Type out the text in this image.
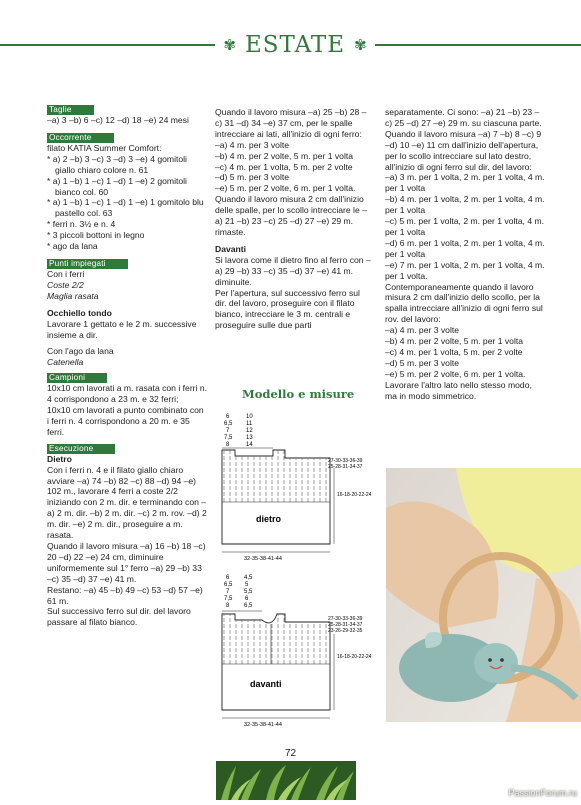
✾ ESTATE ✾
Taglie

–a) 3 –b) 6 –c) 12 –d) 18 –e) 24 mesi

Occorrente

filato KATIA Summer Comfort:

* a) 2 –b) 3 –c) 3 –d) 3 –e) 4 gomitoli giallo chiaro colore n. 61

* a) 1 –b) 1 –c) 1 –d) 1 –e) 2 gomitoli bianco col. 60

* a) 1 –b) 1 –c) 1 –d) 1 –e) 1 gomitolo blu pastello col. 63

* ferri n. 3½ e n. 4

* 3 piccoli bottoni in legno

* ago da lana

Punti impiegati

Con i ferri

Coste 2/2

Maglia rasata

Occhiello tondo

Lavorare 1 gettato e le 2 m. successive insieme a dir.

Con l'ago da lana

Catenella

Campioni

10x10 cm lavorati a m. rasata con i ferri n. 4 corrispondono a 23 m. e 32 ferri;

10x10 cm lavorati a punto combinato con i ferri n. 4 corrispondono a 20 m. e 35 ferri.

Esecuzione

Dietro

Con i ferri n. 4 e il filato giallo chiaro avviare –a) 74 –b) 82 –c) 88 –d) 94 –e) 102 m., lavorare 4 ferri a coste 2/2 iniziando con 2 m. dir. e terminando con –a) 2 m. dir. –b) 2 m. dir. –c) 2 m. rov. –d) 2 m. dir. –e) 2 m. dir., proseguire a m. rasata.

Quando il lavoro misura –a) 16 –b) 18 –c) 20 –d) 22 –e) 24 cm, diminuire uniformemente sul 1° ferro –a) 29 –b) 33 –c) 35 –d) 37 –e) 41 m.

Restano: –a) 45 –b) 49 –c) 53 –d) 57 –e) 61 m.

Sul successivo ferro sul dir. del lavoro passare al filato bianco.

Quando il lavoro misura –a) 25 –b) 28 –c) 31 –d) 34 –e) 37 cm, per le spalle intrecciare ai lati, all'inizio di ogni ferro:

–a) 4 m. per 3 volte

–b) 4 m. per 2 volte, 5 m. per 1 volta

–c) 4 m. per 1 volta, 5 m. per 2 volte

–d) 5 m. per 3 volte

–e) 5 m. per 2 volte, 6 m. per 1 volta.

Quando il lavoro misura 2 cm dall'inizio delle spalle, per lo scollo intrecciare le –a) 21 –b) 23 –c) 25 –d) 27 –e) 29 m. rimaste.

Davanti

Si lavora come il dietro fino al ferro con –a) 29 –b) 33 –c) 35 –d) 37 –e) 41 m. diminuite.

Per l'apertura, sul successivo ferro sul dir. del lavoro, proseguire con il filato bianco, intrecciare le 3 m. centrali e proseguire sulle due parti

separatamente. Ci sono: –a) 21 –b) 23 –c) 25 –d) 27 –e) 29 m. su ciascuna parte.

Quando il lavoro misura –a) 7 –b) 8 –c) 9 –d) 10 –e) 11 cm dall'inizio dell'apertura, per lo scollo intrecciare sul lato destro, all'inizio di ogni ferro sul dir. del lavoro:

–a) 3 m. per 1 volta, 2 m. per 1 volta, 4 m. per 1 volta

–b) 4 m. per 1 volta, 2 m. per 1 volta, 4 m. per 1 volta

–c) 5 m. per 1 volta, 2 m. per 1 volta, 4 m. per 1 volta

–d) 6 m. per 1 volta, 2 m. per 1 volta, 4 m. per 1 volta

–e) 7 m. per 1 volta, 2 m. per 1 volta, 4 m. per 1 volta.

Contemporaneamente quando il lavoro misura 2 cm dall'inizio dello scollo, per la spalla intrecciare all'inizio di ogni ferro sul rov. del lavoro:

–a) 4 m. per 3 volte

–b) 4 m. per 2 volte, 5 m. per 1 volta

–c) 4 m. per 1 volta, 5 m. per 2 volte

–d) 5 m. per 3 volte

–e) 5 m. per 2 volte, 6 m. per 1 volta.

Lavorare l'altro lato nello stesso modo, ma in modo simmetrico.

Modello e misure
dietro
6
6,5
7
7,5
8
10
11
12
13
14
27-30-33-36-39
25-28-31-34-37
16-18-20-22-24
32-35-38-41-44
davanti
6
6,5
7
7,5
8
4,5
5
5,5
6
6,5
27-30-33-36-39
25-28-31-34-37
23-26-29-32-35
16-18-20-22-24
32-35-38-41-44
72
PassionForum.ru
